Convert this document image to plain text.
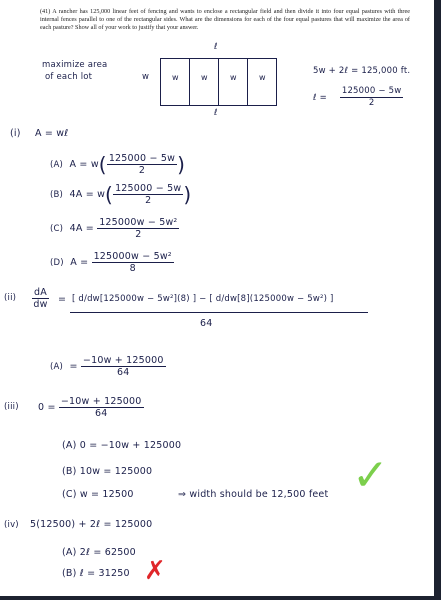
(41) A rancher has 125,000 linear feet of fencing and wants to enclose a rectangular field and then divide it into four equal pastures with three internal fences parallel to one of the rectangular sides. What are the dimensions for each of the four equal pastures that will maximize the area of each pasture? Show all of your work to justify that your answer.
maximize area
of each lot
ℓ
w	w	w	w	w
ℓ
5w + 2ℓ = 125,000 ft.
ℓ = $\frac{125000 - 5w}{2}$
(i) A = wℓ
(A) $A = w( \frac{125000 - 5w}{2}$ )
(B) $4A = w( \frac{125000 - 5w}{2}$ )
(C) $4A = \frac{\text{125000w − 5w²}}{2}$
(D) $A = \frac{\text{125000w − 5w²}}{8}$
$(ii) \frac{dA}{dw}$ = [ d/dw[125000w − 5w²](8) ] − [ d/dw[8](125000w − 5w²) ]
64
$(A) = \frac{-10w + 125000}{64}$
(iii) $0 = \frac{-10w + 125000}{64}$
(A) 0 = −10w + 125000
(B) 10w = 125000
(C) w = 12500	⇒ width should be 12,500 feet ✓
(iv) 5(12500) + 2ℓ = 125000
(A) 2ℓ = 62500
(B) ℓ = 31250 ✗
